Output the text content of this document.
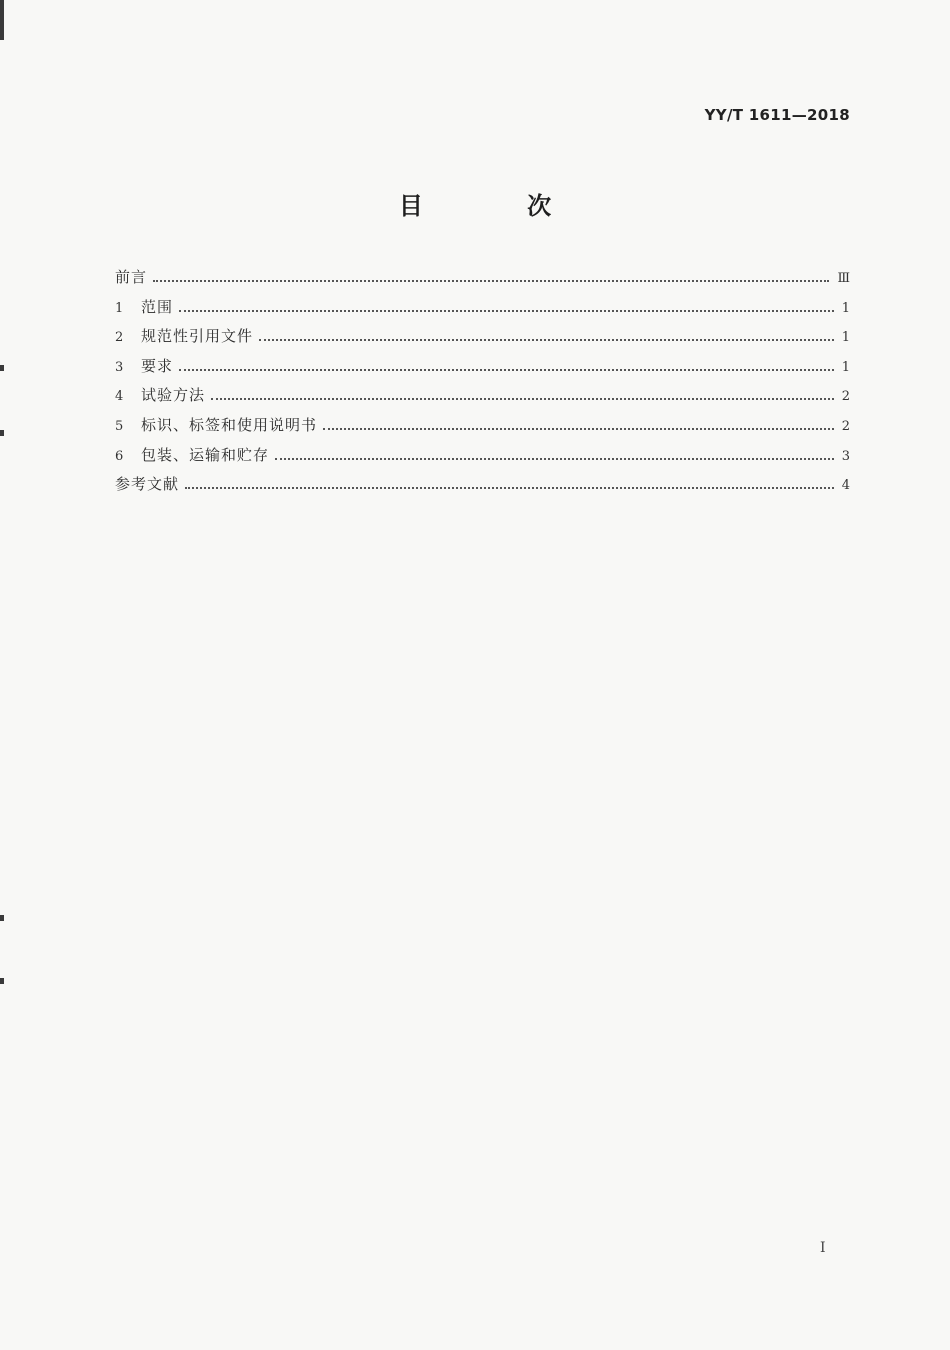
YY/T 1611—2018
目 次
前言	Ⅲ
1	范围	1
2	规范性引用文件	1
3	要求	1
4	试验方法	2
5	标识、标签和使用说明书	2
6	包装、运输和贮存	3
参考文献	4
I
